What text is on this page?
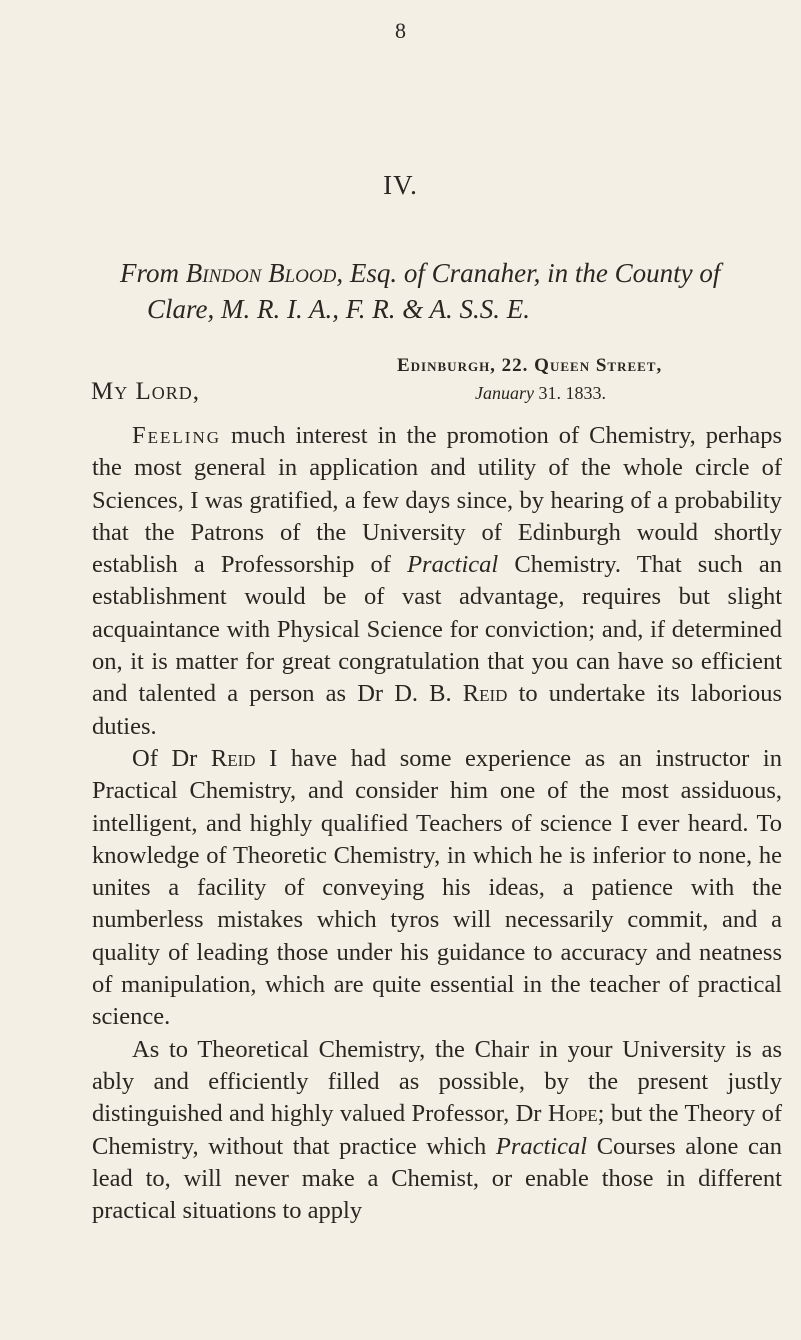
8
IV.
From Bindon Blood, Esq. of Cranaher, in the County of
Clare, M. R. I. A., F. R. & A. S.S. E.
Edinburgh, 22. Queen Street,
My Lord,	January 31. 1833.

Feeling much interest in the promotion of Chemistry, perhaps the most general in application and utility of the whole circle of Sciences, I was gratified, a few days since, by hearing of a probability that the Patrons of the University of Edinburgh would shortly establish a Professorship of Practical Chemistry. That such an establishment would be of vast advantage, requires but slight acquaintance with Physical Science for conviction; and, if determined on, it is matter for great congratulation that you can have so efficient and talented a person as Dr D. B. Reid to undertake its laborious duties.

Of Dr Reid I have had some experience as an instructor in Practical Chemistry, and consider him one of the most assiduous, intelligent, and highly qualified Teachers of science I ever heard. To knowledge of Theoretic Chemistry, in which he is inferior to none, he unites a facility of conveying his ideas, a patience with the numberless mistakes which tyros will necessarily commit, and a quality of leading those under his guidance to accuracy and neatness of manipulation, which are quite essential in the teacher of practical science.

As to Theoretical Chemistry, the Chair in your University is as ably and efficiently filled as possible, by the present justly distinguished and highly valued Professor, Dr Hope; but the Theory of Chemistry, without that practice which Practical Courses alone can lead to, will never make a Chemist, or enable those in different practical situations to apply
